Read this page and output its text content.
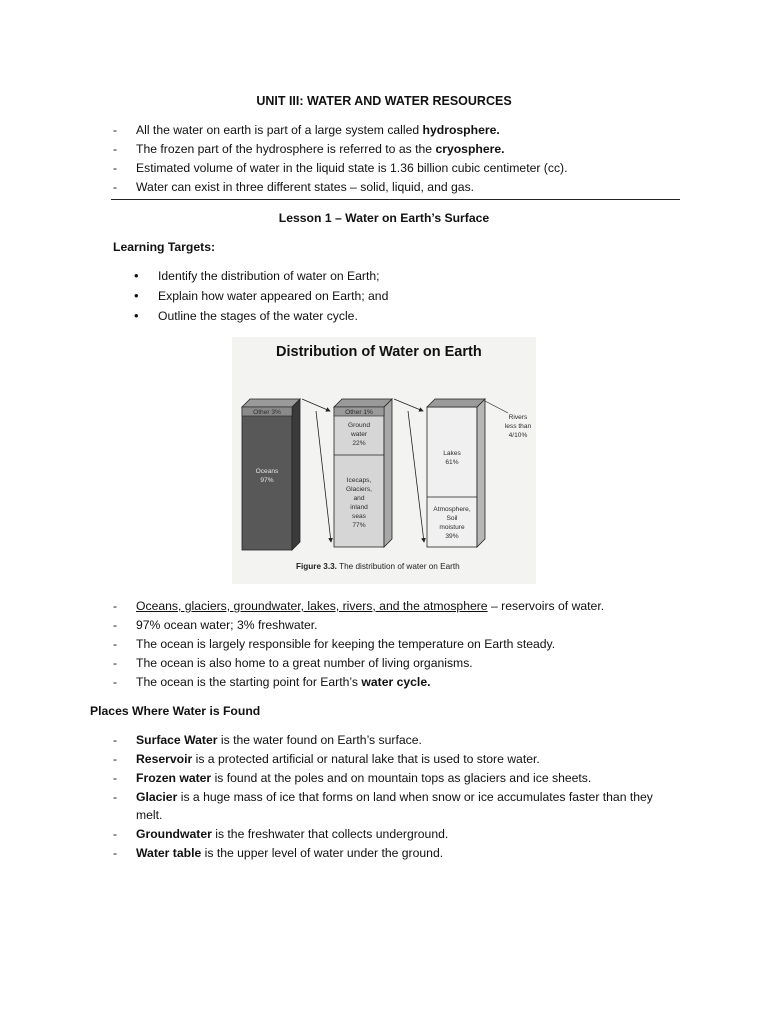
UNIT III: WATER AND WATER RESOURCES
- All the water on earth is part of a large system called hydrosphere.
- The frozen part of the hydrosphere is referred to as the cryosphere.
- Estimated volume of water in the liquid state is 1.36 billion cubic centimeter (cc).
- Water can exist in three different states – solid, liquid, and gas.
Lesson 1 – Water on Earth’s Surface
Learning Targets:
• Identify the distribution of water on Earth;
• Explain how water appeared on Earth; and
• Outline the stages of the water cycle.
Distribution of Water on Earth
Other 3%
Oceans
97%
Other 1%
Ground
water
22%
Icecaps,
Glaciers,
and
inland
seas
77%
Lakes
61%
Atmosphere,
Soil
moisture
39%
Rivers
less than
4/10%
Figure 3.3. The distribution of water on Earth
- Oceans, glaciers, groundwater, lakes, rivers, and the atmosphere – reservoirs of water.
- 97% ocean water; 3% freshwater.
- The ocean is largely responsible for keeping the temperature on Earth steady.
- The ocean is also home to a great number of living organisms.
- The ocean is the starting point for Earth’s water cycle.
Places Where Water is Found
- Surface Water is the water found on Earth’s surface.
- Reservoir is a protected artificial or natural lake that is used to store water.
- Frozen water is found at the poles and on mountain tops as glaciers and ice sheets.
- Glacier is a huge mass of ice that forms on land when snow or ice accumulates faster than they
melt.
- Groundwater is the freshwater that collects underground.
- Water table is the upper level of water under the ground.
